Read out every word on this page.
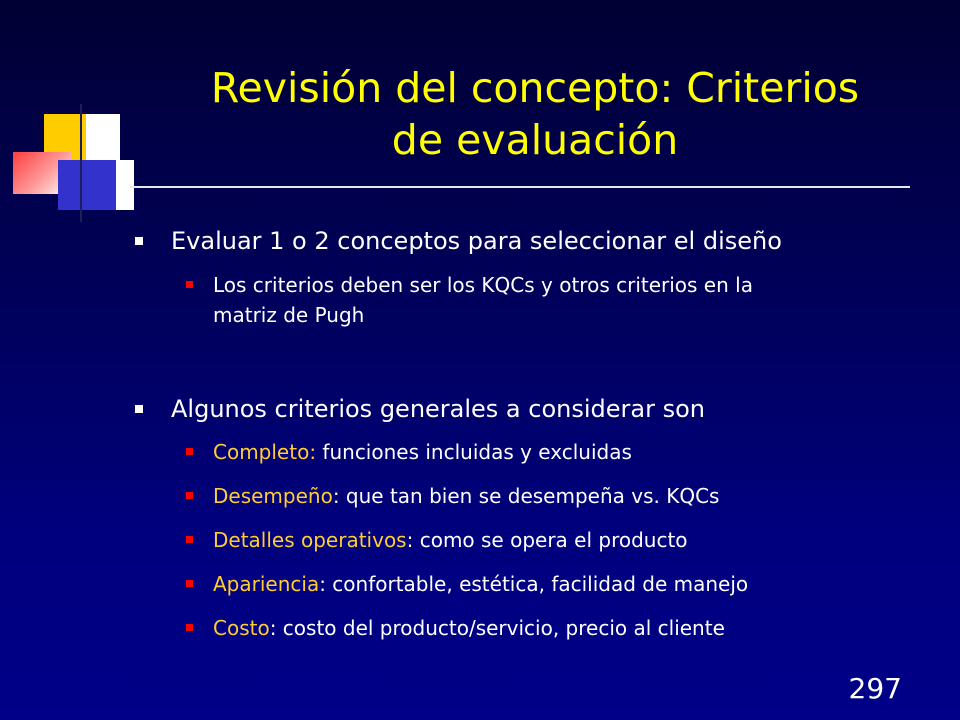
Revisión del concepto: Criterios
de evaluación
Evaluar 1 o 2 conceptos para seleccionar el diseño
Los criterios deben ser los KQCs y otros criterios en la
matriz de Pugh
Algunos criterios generales a considerar son
Completo: funciones incluidas y excluidas
Desempeño : que tan bien se desempeña vs. KQCs
Detalles operativos : como se opera el producto
Apariencia : confortable, estética, facilidad de manejo
Costo : costo del producto/servicio, precio al cliente
297
